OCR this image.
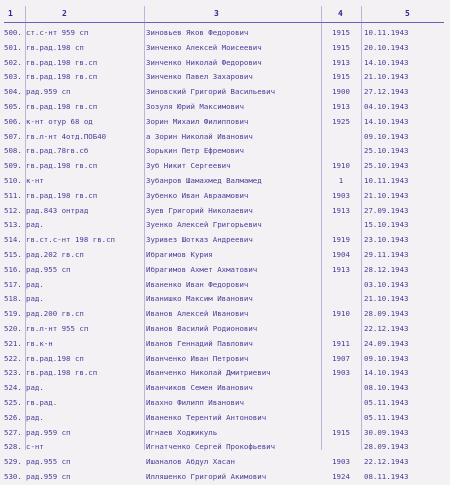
1	2	3	4	5
500. ст.с-нт 959 сп	Зиновьев Яков Федорович	1915	10.11.1943
501. гв.рад.198 сп	Зинченко Алексей Моисеевич	1915	20.10.1943
502. гв.рад.198 гв.сп	Зинченко Николай Федорович	1913	14.10.1943
503. гв.рад.198 гв.сп	Зинченко Павел Захарович	1915	21.10.1943
504. рад.959 сп	Зиновский Григорий Васильевич	1900	27.12.1943
505. гв.рад.198 гв.сп	Зозуля Юрий Максимович	1913	04.10.1943
506. к-нт отур 68 од	Зорин Михаил Филиппович	1925	14.10.1943
507. гв.л-нт 4отд.ПОБ40	а Зорин Николай Иванович	09.10.1943
508. гв.рад.78гв.сб	Зорькин Петр Ефремович	25.10.1943
509. гв.рад.198 гв.сп	Зуб Никит Сергеевич	1910	25.10.1943
510. к-нт	Зубанров Шамахмед Валмамед	1	10.11.1943
511. гв.рад.198 гв.сп	Зубенко Иван Авраамович	1903	21.10.1943
512. рад.843 онтрад	Зуев Григорий Николаевич	1913	27.09.1943
513. рад.	Зуенко Алексей Григорьевич	15.10.1943
514. гв.ст.с-нт 198 гв.сп	Зуривез Шотказ Андреевич	1919	23.10.1943
515. рад.202 гв.сп	Ибрагимов Курия	1904	29.11.1943
516. рад.955 сп	Ибрагимов Ахмет Ахматович	1913	28.12.1943
517. рад.	Иваненко Иван Федорович	03.10.1943
518. рад.	Иванишко Максим Иванович	21.10.1943
519. рад.200 гв.сп	Иванов Алексей Иванович	1910	28.09.1943
520. гв.л-нт 955 сп	Иванов Василий Родионович	22.12.1943
521. гв.к-н	Иванов Геннадий Павлович	1911	24.09.1943
522. гв.рад.198 сп	Иванченко Иван Петрович	1907	09.10.1943
523. гв.рад.198 гв.сп	Иванченко Николай Дмитриевич	1903	14.10.1943
524. рад.	Иванчиков Семен Иванович	08.10.1943
525. гв.рад.	Ивахно Филипп Иванович	05.11.1943
526. рад.	Иваненко Терентий Антонович	05.11.1943
527. рад.959 сп	Игнаев Ходжикуль	1915	30.09.1943
528. с-нт	Игнатченко Сергей Прокофьевич	28.09.1943
529. рад.955 сп	Ишаналов Абдул Хасан	1903	22.12.1943
530. рад.959 сп	Илляшенко Григорий Акимович	1924	08.11.1943
